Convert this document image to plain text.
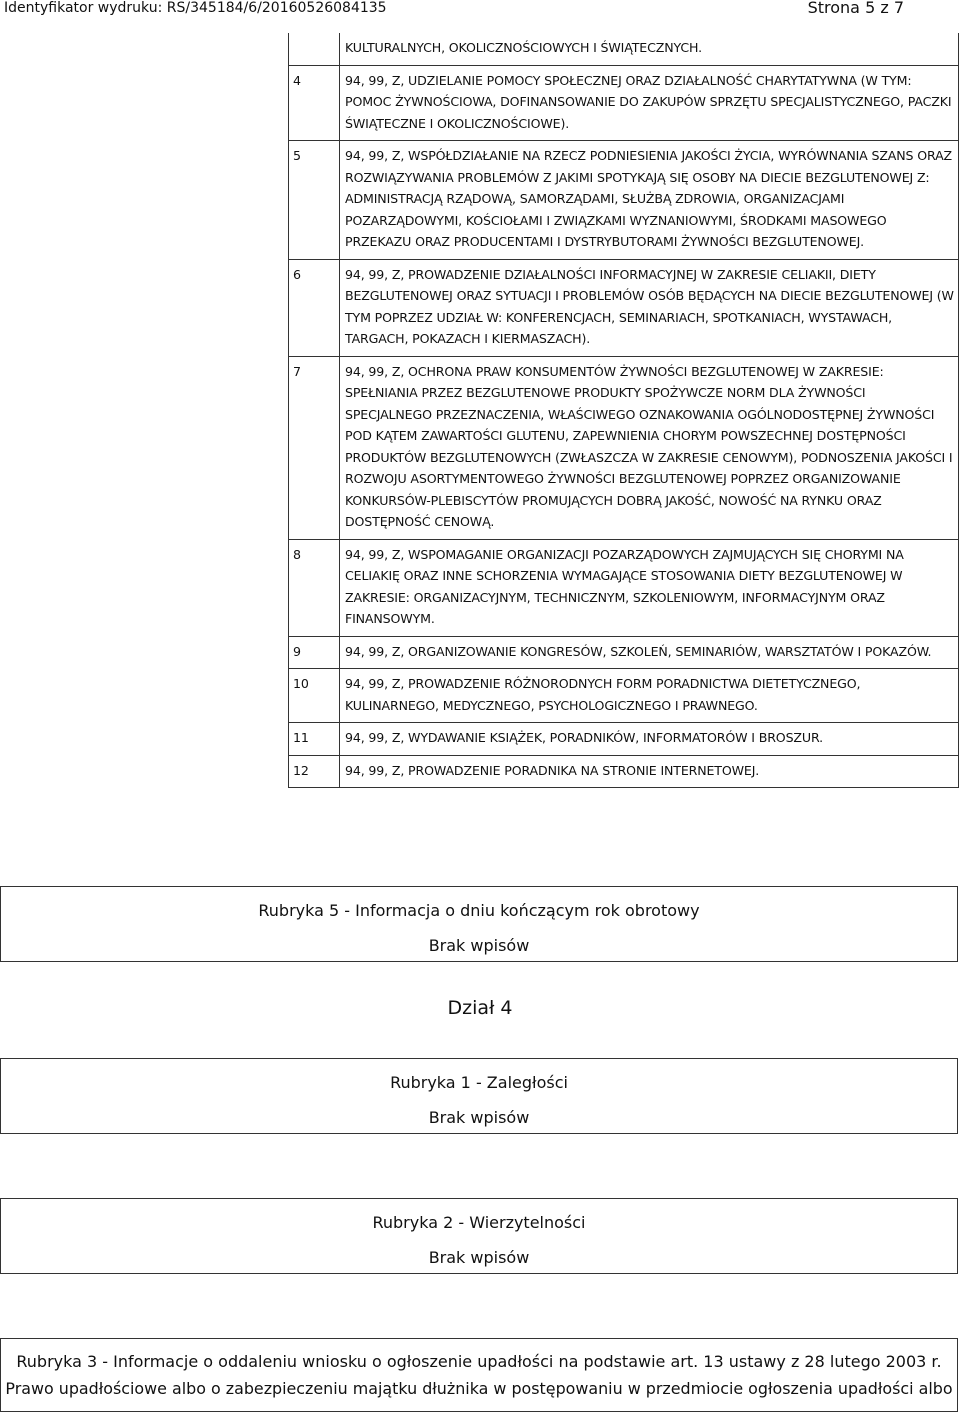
Identyfikator wydruku: RS/345184/6/20160526084135	Strona 5 z 7
	KULTURALNYCH, OKOLICZNOŚCIOWYCH I ŚWIĄTECZNYCH.
4	94, 99, Z, UDZIELANIE POMOCY SPOŁECZNEJ ORAZ DZIAŁALNOŚĆ CHARYTATYWNA (W TYM: POMOC ŻYWNOŚCIOWA, DOFINANSOWANIE DO ZAKUPÓW SPRZĘTU SPECJALISTYCZNEGO, PACZKI ŚWIĄTECZNE I OKOLICZNOŚCIOWE).
5	94, 99, Z, WSPÓŁDZIAŁANIE NA RZECZ PODNIESIENIA JAKOŚCI ŻYCIA, WYRÓWNANIA SZANS ORAZ ROZWIĄZYWANIA PROBLEMÓW Z JAKIMI SPOTYKAJĄ SIĘ OSOBY NA DIECIE BEZGLUTENOWEJ Z: ADMINISTRACJĄ RZĄDOWĄ, SAMORZĄDAMI, SŁUŻBĄ ZDROWIA, ORGANIZACJAMI POZARZĄDOWYMI, KOŚCIOŁAMI I ZWIĄZKAMI WYZNANIOWYMI, ŚRODKAMI MASOWEGO PRZEKAZU ORAZ PRODUCENTAMI I DYSTRYBUTORAMI ŻYWNOŚCI BEZGLUTENOWEJ.
6	94, 99, Z, PROWADZENIE DZIAŁALNOŚCI INFORMACYJNEJ W ZAKRESIE CELIAKII, DIETY BEZGLUTENOWEJ ORAZ SYTUACJI I PROBLEMÓW OSÓB BĘDĄCYCH NA DIECIE BEZGLUTENOWEJ (W TYM POPRZEZ UDZIAŁ W: KONFERENCJACH, SEMINARIACH, SPOTKANIACH, WYSTAWACH, TARGACH, POKAZACH I KIERMASZACH).
7	94, 99, Z, OCHRONA PRAW KONSUMENTÓW ŻYWNOŚCI BEZGLUTENOWEJ W ZAKRESIE: SPEŁNIANIA PRZEZ BEZGLUTENOWE PRODUKTY SPOŻYWCZE NORM DLA ŻYWNOŚCI SPECJALNEGO PRZEZNACZENIA, WŁAŚCIWEGO OZNAKOWANIA OGÓLNODOSTĘPNEJ ŻYWNOŚCI POD KĄTEM ZAWARTOŚCI GLUTENU, ZAPEWNIENIA CHORYM POWSZECHNEJ DOSTĘPNOŚCI PRODUKTÓW BEZGLUTENOWYCH (ZWŁASZCZA W ZAKRESIE CENOWYM), PODNOSZENIA JAKOŚCI I ROZWOJU ASORTYMENTOWEGO ŻYWNOŚCI BEZGLUTENOWEJ POPRZEZ ORGANIZOWANIE KONKURSÓW-PLEBISCYTÓW PROMUJĄCYCH DOBRĄ JAKOŚĆ, NOWOŚĆ NA RYNKU ORAZ DOSTĘPNOŚĆ CENOWĄ.
8	94, 99, Z, WSPOMAGANIE ORGANIZACJI POZARZĄDOWYCH ZAJMUJĄCYCH SIĘ CHORYMI NA CELIAKIĘ ORAZ INNE SCHORZENIA WYMAGAJĄCE STOSOWANIA DIETY BEZGLUTENOWEJ W ZAKRESIE: ORGANIZACYJNYM, TECHNICZNYM, SZKOLENIOWYM, INFORMACYJNYM ORAZ FINANSOWYM.
9	94, 99, Z, ORGANIZOWANIE KONGRESÓW, SZKOLEŃ, SEMINARIÓW, WARSZTATÓW I POKAZÓW.
10	94, 99, Z, PROWADZENIE RÓŻNORODNYCH FORM PORADNICTWA DIETETYCZNEGO, KULINARNEGO, MEDYCZNEGO, PSYCHOLOGICZNEGO I PRAWNEGO.
11	94, 99, Z, WYDAWANIE KSIĄŻEK, PORADNIKÓW, INFORMATORÓW I BROSZUR.
12	94, 99, Z, PROWADZENIE PORADNIKA NA STRONIE INTERNETOWEJ.
Rubryka 5 - Informacja o dniu kończącym rok obrotowy
Brak wpisów
Dział 4
Rubryka 1 - Zaległości
Brak wpisów
Rubryka 2 - Wierzytelności
Brak wpisów
Rubryka 3 - Informacje o oddaleniu wniosku o ogłoszenie upadłości na podstawie art. 13 ustawy z 28 lutego 2003 r.
Prawo upadłościowe albo o zabezpieczeniu majątku dłużnika w postępowaniu w przedmiocie ogłoszenia upadłości albo
